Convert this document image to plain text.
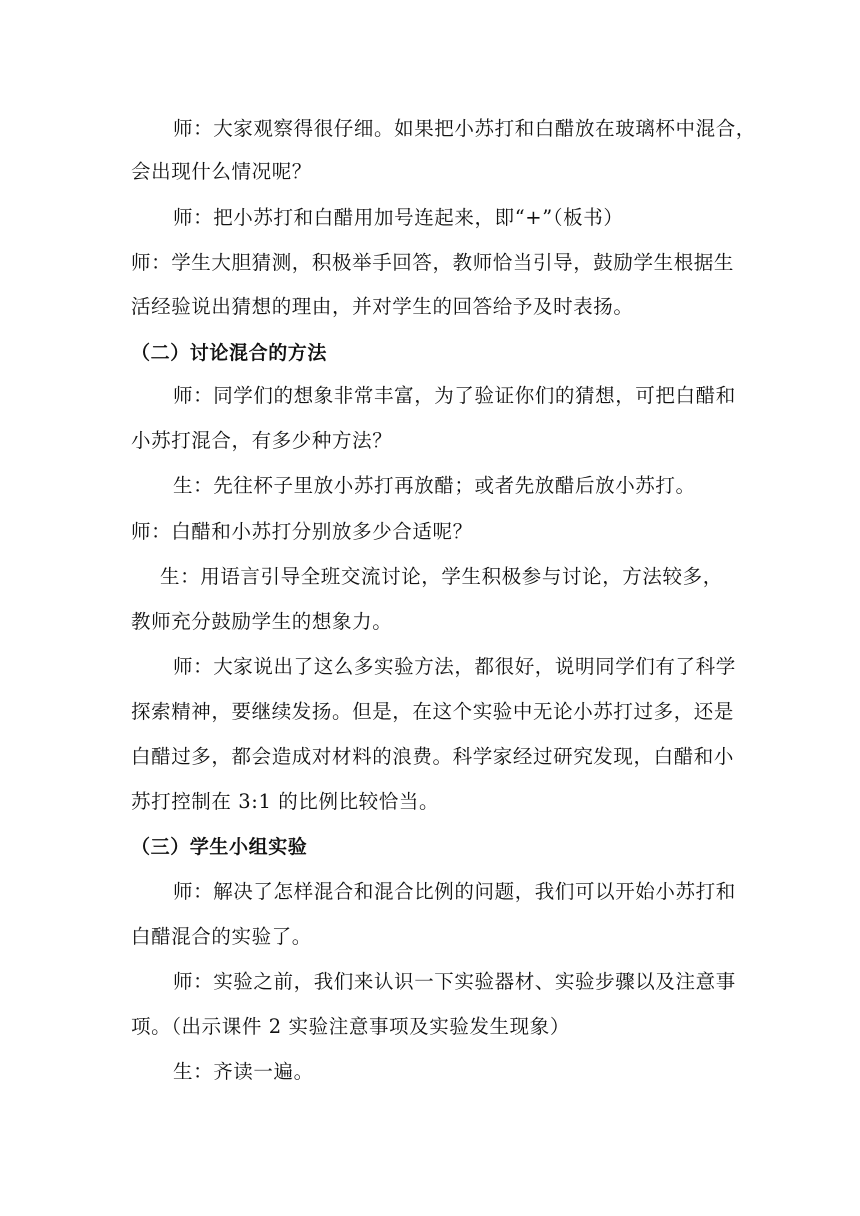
师：大家观察得很仔细。如果把小苏打和白醋放在玻璃杯中混合，
会出现什么情况呢？
师：把小苏打和白醋用加号连起来，即“+”（板书）
师：学生大胆猜测，积极举手回答，教师恰当引导，鼓励学生根据生
活经验说出猜想的理由，并对学生的回答给予及时表扬。
（二）讨论混合的方法
师：同学们的想象非常丰富，为了验证你们的猜想，可把白醋和
小苏打混合，有多少种方法？
生：先往杯子里放小苏打再放醋；或者先放醋后放小苏打。
师：白醋和小苏打分别放多少合适呢？
生：用语言引导全班交流讨论，学生积极参与讨论，方法较多，
教师充分鼓励学生的想象力。
师：大家说出了这么多实验方法，都很好，说明同学们有了科学
探索精神，要继续发扬。但是，在这个实验中无论小苏打过多，还是
白醋过多，都会造成对材料的浪费。科学家经过研究发现，白醋和小
苏打控制在 3:1 的比例比较恰当。
（三）学生小组实验
师：解决了怎样混合和混合比例的问题，我们可以开始小苏打和
白醋混合的实验了。
师：实验之前，我们来认识一下实验器材、实验步骤以及注意事
项。（出示课件 2 实验注意事项及实验发生现象）
生：齐读一遍。
